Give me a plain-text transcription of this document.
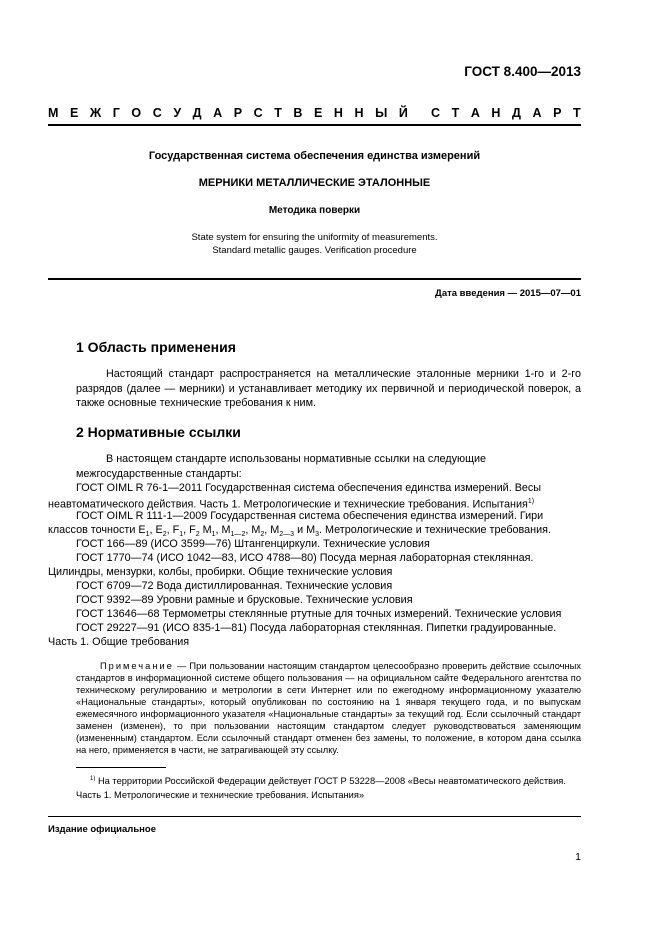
ГОСТ 8.400—2013
М Е Ж Г О С У Д А Р С Т В Е Н Н Ы Й С Т А Н Д А Р Т
Государственная система обеспечения единства измерений
МЕРНИКИ МЕТАЛЛИЧЕСКИЕ ЭТАЛОННЫЕ
Методика поверки
State system for ensuring the uniformity of measurements.
Standard metallic gauges. Verification procedure
Дата введения — 2015—07—01
1 Область применения
Настоящий стандарт распространяется на металлические эталонные мерники 1-го и 2-го разрядов (далее — мерники) и устанавливает методику их первичной и периодической поверок, а также основные технические требования к ним.
2 Нормативные ссылки
В настоящем стандарте использованы нормативные ссылки на следующие межгосударственные стандарты:
ГОСТ OIML R 76-1—2011 Государственная система обеспечения единства измерений. Весы
неавтоматического действия. Часть 1. Метрологические и технические требования. Испытания$^{1)}$
ГОСТ OIML R 111-1—2009 Государственная система обеспечения единства измерений. Гири
классов точности $E_1$, $E_2$, $F_1$, $F_2$ $M_1$, $M_{1—2}$, $M_2$, $M_{2—3}$ и $M_3$. Метрологические и технические требования.
ГОСТ 166—89 (ИСО 3599—76) Штангенциркули. Технические условия
ГОСТ 1770—74 (ИСО 1042—83, ИСО 4788—80) Посуда мерная лабораторная стеклянная.
Цилиндры, мензурки, колбы, пробирки. Общие технические условия
ГОСТ 6709—72 Вода дистиллированная. Технические условия
ГОСТ 9392—89 Уровни рамные и брусковые. Технические условия
ГОСТ 13646—68 Термометры стеклянные ртутные для точных измерений. Технические условия
ГОСТ 29227—91 (ИСО 835-1—81) Посуда лабораторная стеклянная. Пипетки градуированные.
Часть 1. Общие требования
Примечание — При пользовании настоящим стандартом целесообразно проверить действие ссылочных стандартов в информационной системе общего пользования — на официальном сайте Федерального агентства по техническому регулированию и метрологии в сети Интернет или по ежегодному информационному указателю «Национальные стандарты», который опубликован по состоянию на 1 января текущего года, и по выпускам ежемесячного информационного указателя «Национальные стандарты» за текущий год. Если ссылочный стандарт заменен (изменен), то при пользовании настоящим стандартом следует руководствоваться заменяющим (измененным) стандартом. Если ссылочный стандарт отменен без замены, то положение, в котором дана ссылка на него, применяется в части, не затрагивающей эту ссылку.
$^{1)}$ На территории Российской Федерации действует ГОСТ Р 53228—2008 «Весы неавтоматического действия. Часть 1. Метрологические и технические требования. Испытания»
Издание официальное
1
